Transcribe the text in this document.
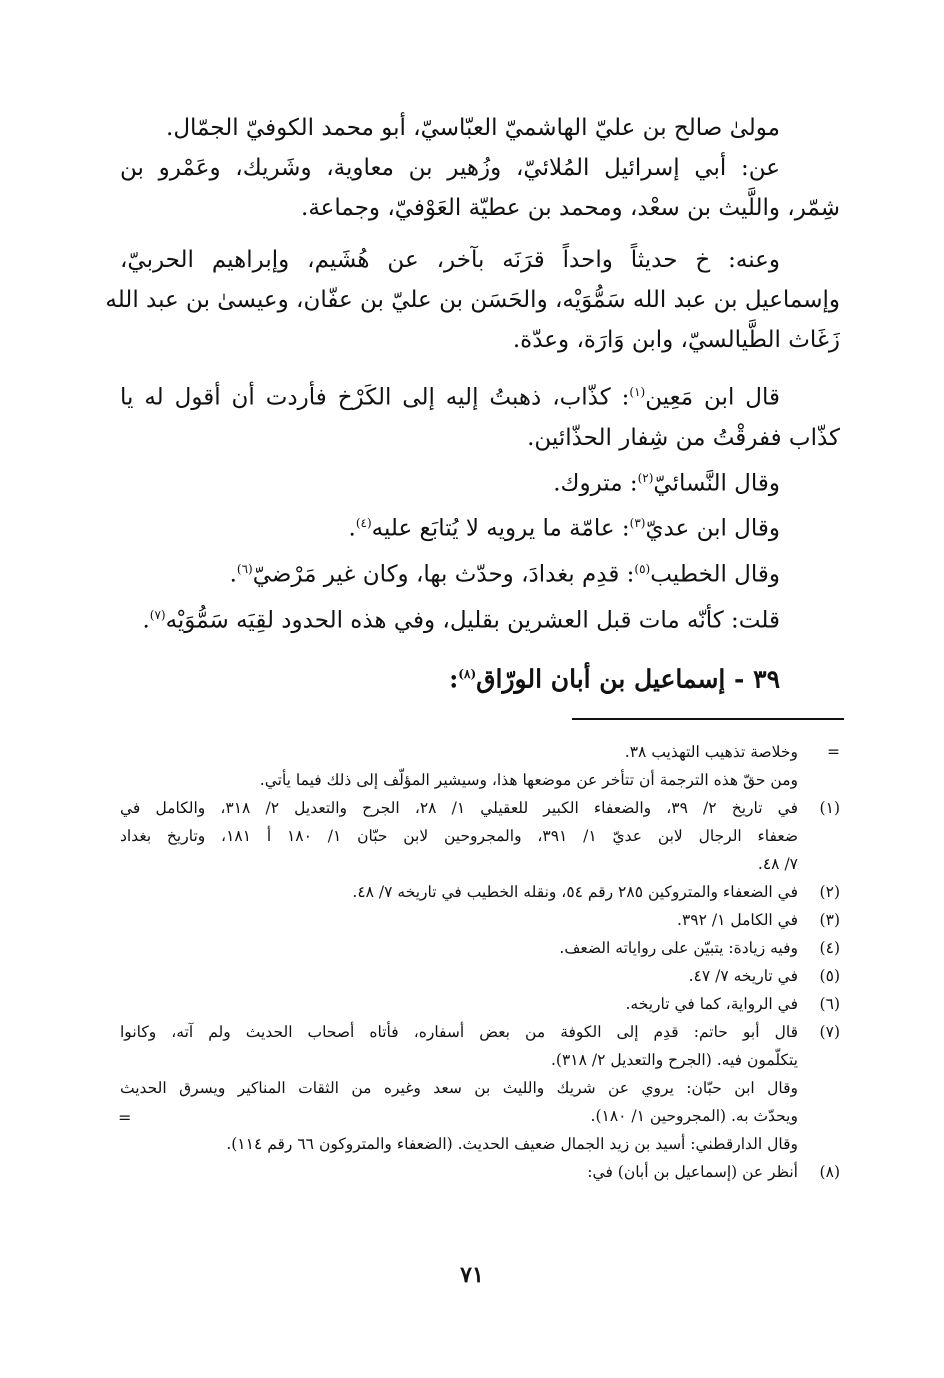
مولىٰ صالح بن عليّ الهاشميّ العبّاسيّ، أبو محمد الكوفيّ الجمّال.

عن: أبي إسرائيل المُلائيّ، وزُهير بن معاوية، وشَريك، وعَمْرو بن

شِمّر، واللَّيث بن سعْد، ومحمد بن عطيّة العَوْفيّ، وجماعة.

وعنه: خ حديثاً واحداً قرَنَه بآخر، عن هُشَيم، وإبراهيم الحربيّ،

وإسماعيل بن عبد الله سَمُّوَيْه، والحَسَن بن عليّ بن عفّان، وعيسىٰ بن عبد الله

زَغَاث الطَّيالسيّ، وابن وَارَة، وعدّة.

قال ابن مَعِين$^{(١)}$: كذّاب، ذهبتُ إليه إلى الكَرْخ فأردت أن أقول له يا

كذّاب ففرقْتُ من شِفار الحذّائين.

وقال النَّسائيّ$^{(٢)}$: متروك.

وقال ابن عديّ$^{(٣)}$: عامّة ما يرويه لا يُتابَع عليه$^{(٤)}$.

وقال الخطيب$^{(٥)}$: قدِم بغدادَ، وحدّث بها، وكان غير مَرْضيّ$^{(٦)}$.

قلت: كأنّه مات قبل العشرين بقليل، وفي هذه الحدود لقِيَه سَمُّوَيْه$^{(٧)}$.

٣٩ - إسماعيل بن أبان الورّاق$^{(٨)}$:

=
وخلاصة تذهيب التهذيب ٣٨.
ومن حقّ هذه الترجمة أن تتأخر عن موضعها هذا، وسيشير المؤلّف إلى ذلك فيما يأتي.
(١)
في تاريخ ٢/ ٣٩، والضعفاء الكبير للعقيلي ١/ ٢٨، الجرح والتعديل ٢/ ٣١٨، والكامل في
ضعفاء الرجال لابن عديّ ١/ ٣٩١، والمجروحين لابن حبّان ١/ ١٨٠ أ ١٨١، وتاريخ بغداد
٧/ ٤٨.
(٢)
في الضعفاء والمتروكين ٢٨٥ رقم ٥٤، ونقله الخطيب في تاريخه ٧/ ٤٨.
(٣)
في الكامل ١/ ٣٩٢.
(٤)
وفيه زيادة: يتبيّن على رواياته الضعف.
(٥)
في تاريخه ٧/ ٤٧.
(٦)
في الرواية، كما في تاريخه.
(٧)
قال أبو حاتم: قدِم إلى الكوفة من بعض أسفاره، فأتاه أصحاب الحديث ولم آته، وكانوا
يتكلّمون فيه. (الجرح والتعديل ٢/ ٣١٨).
وقال ابن حبّان: يروي عن شريك والليث بن سعد وغيره من الثقات المناكير ويسرق الحديث
ويحدّث به. (المجروحين ١/ ١٨٠).
وقال الدارقطني: أسيد بن زيد الجمال ضعيف الحديث. (الضعفاء والمتروكون ٦٦ رقم ١١٤).
(٨)
أنظر عن (إسماعيل بن أبان) في:
=
٧١
